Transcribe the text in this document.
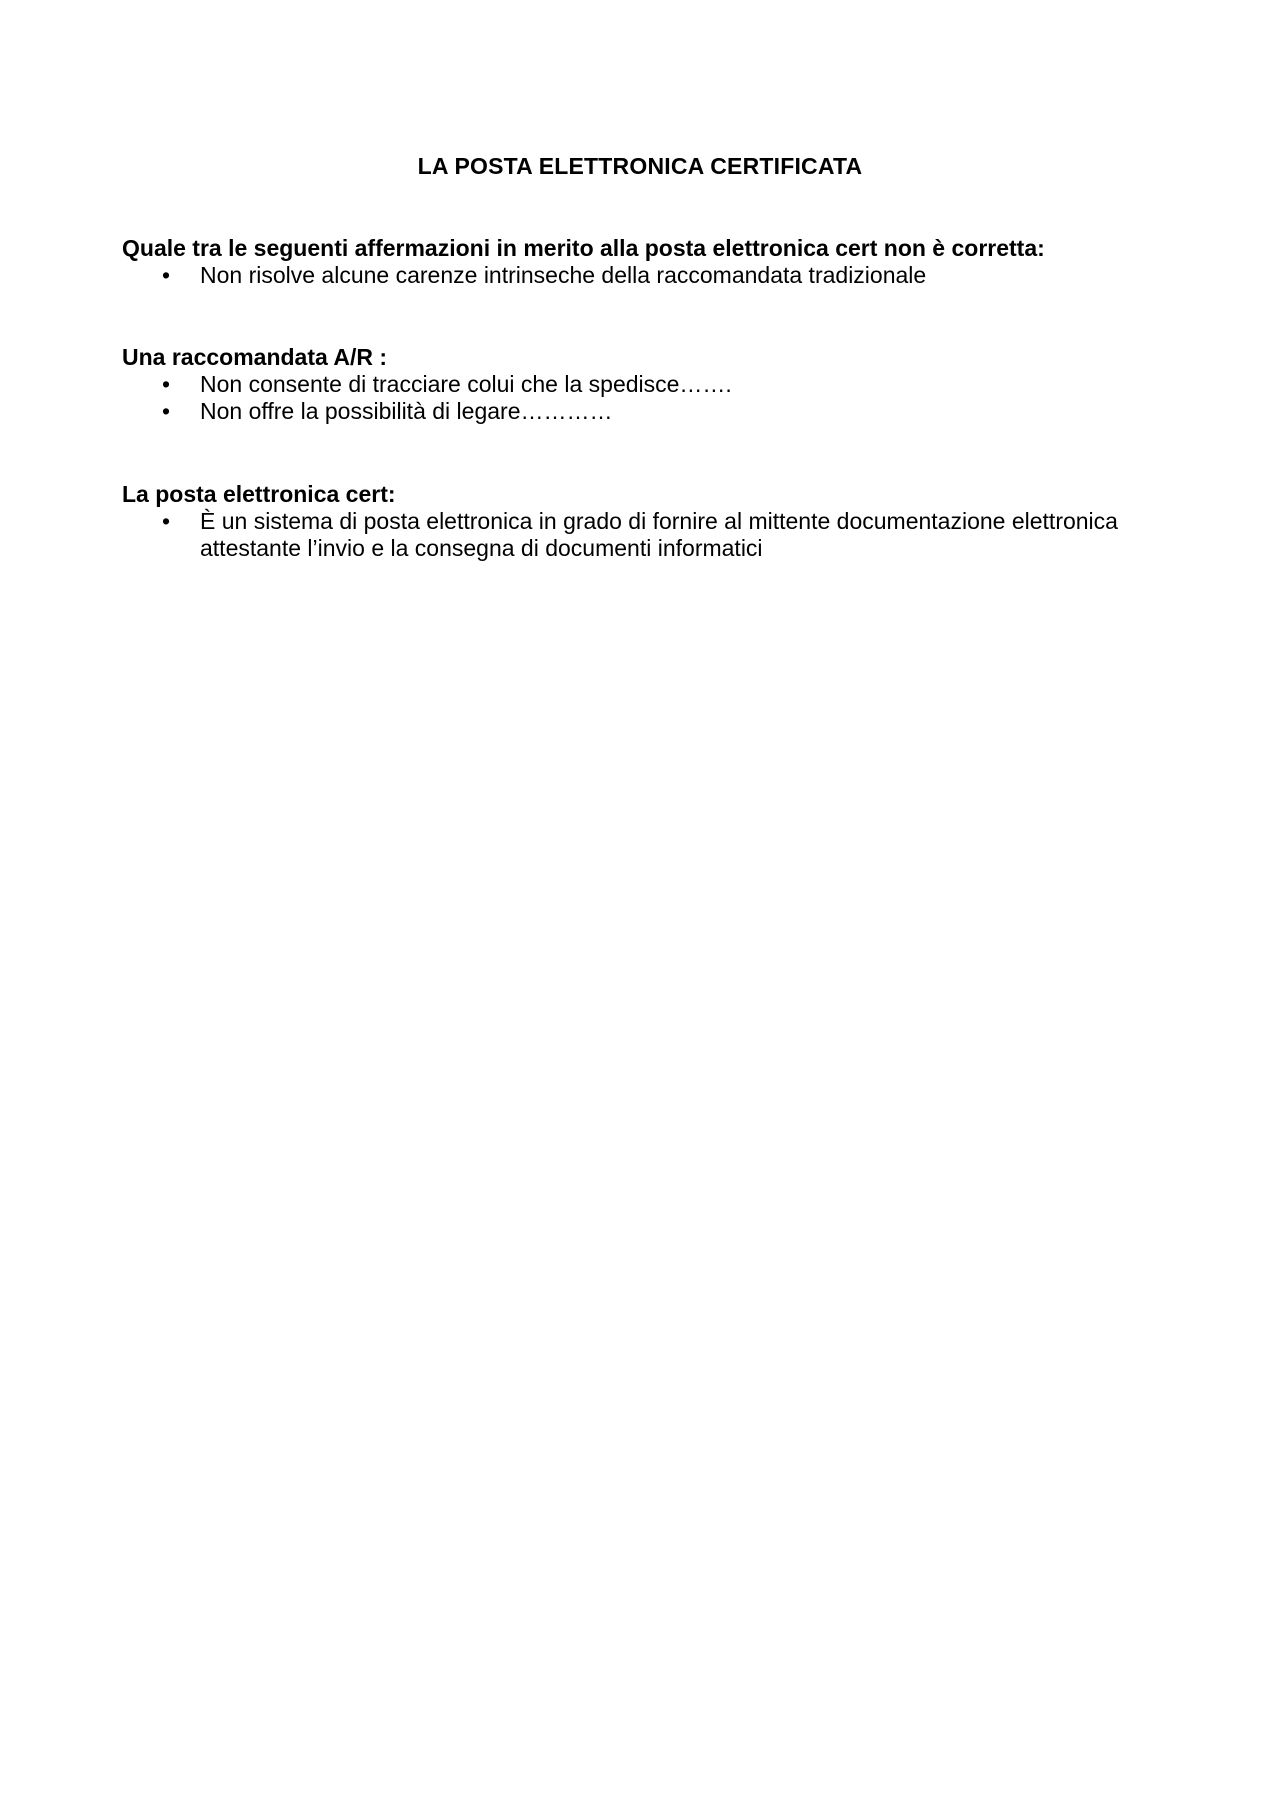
LA POSTA ELETTRONICA CERTIFICATA

Quale tra le seguenti affermazioni in merito alla posta elettronica cert non è corretta:

• Non risolve alcune carenze intrinseche della raccomandata tradizionale

Una raccomandata A/R :

• Non consente di tracciare colui che la spedisce…….
• Non offre la possibilità di legare…………

La posta elettronica cert:

• È un sistema di posta elettronica in grado di fornire al mittente documentazione elettronica attestante l’invio e la consegna di documenti informatici
